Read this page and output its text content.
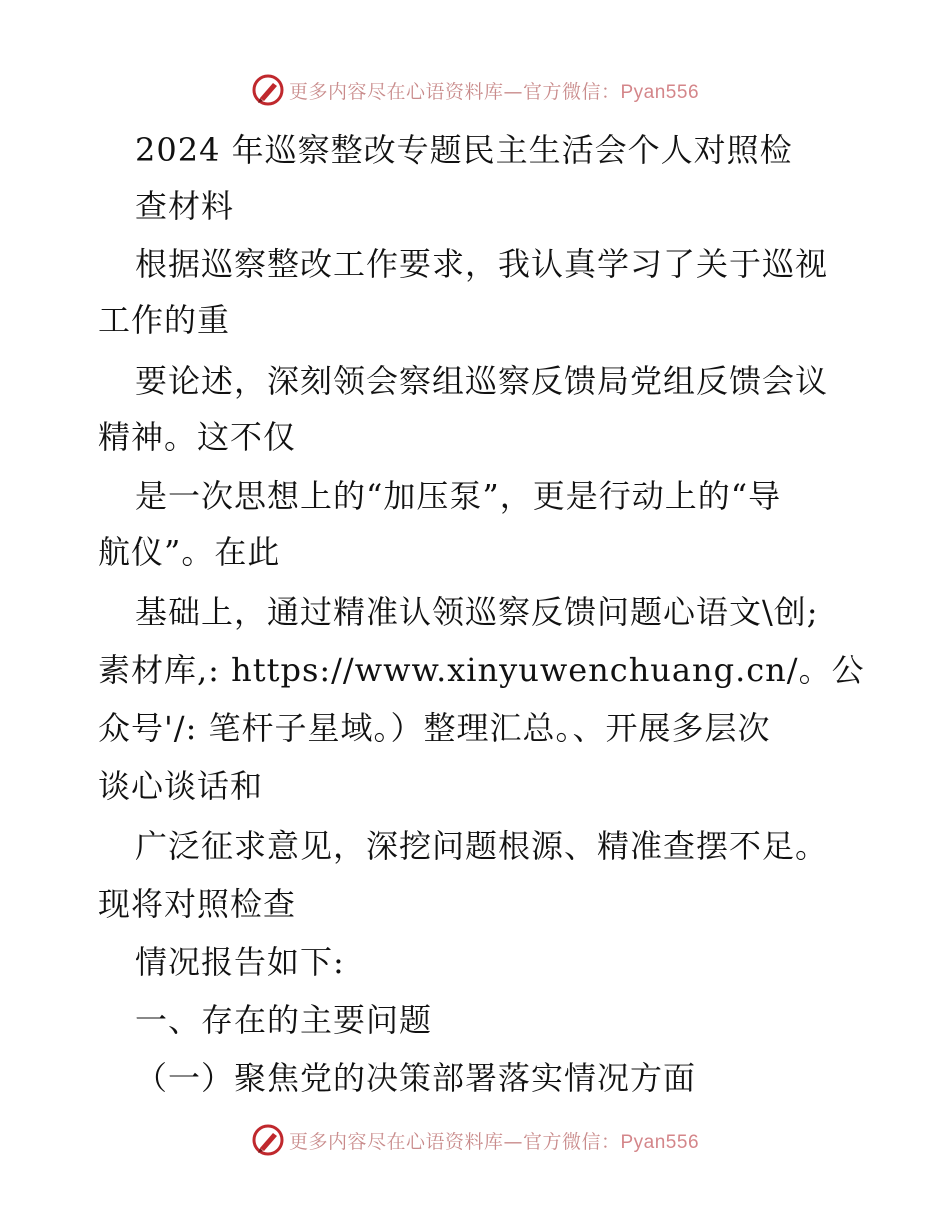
更多内容尽在心语资料库—官方微信：Pyan556
2024 年巡察整改专题民主生活会个人对照检
查材料
根据巡察整改工作要求，我认真学习了关于巡视
工作的重
要论述，深刻领会察组巡察反馈局党组反馈会议
精神。这不仅
是一次思想上的“加压泵”，更是行动上的“导
航仪”。在此
基础上，通过精准认领巡察反馈问题心语文\创;
素材库,: https://www.xinyuwenchuang.cn/。公
众号'/: 笔杆子星域。）整理汇总。、开展多层次
谈心谈话和
广泛征求意见，深挖问题根源、精准查摆不足。
现将对照检查
情况报告如下:
一、存在的主要问题
（一）聚焦党的决策部署落实情况方面
更多内容尽在心语资料库—官方微信：Pyan556
